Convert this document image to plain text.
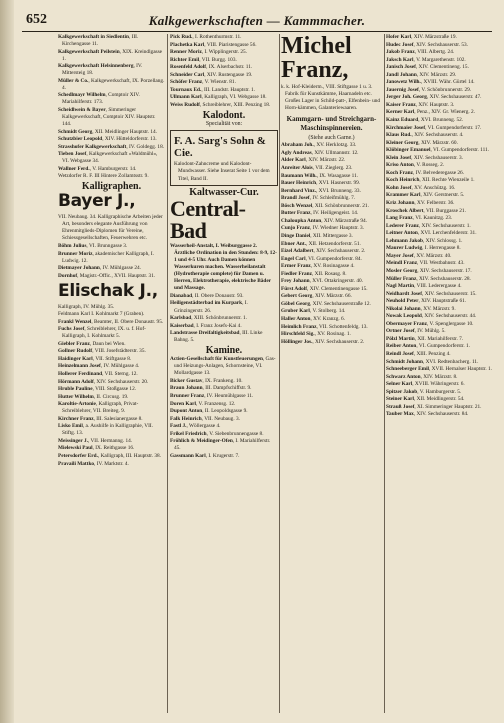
652	Kalkgewerkschaften — Kammmacher.
Kalkgewerkschaft in Siedlentin, III. Kirchengasse 11.
Kalkgewerkschaft Peilstein, XIX. Kreindlgasse 1.
Kalkgewerkschaft Helsinnenberg, IV. Mittersteig 18.
Müller & Co., Kalkgewerkschaft, IX. Porzellang. 4.
Schedlmayr Wilhelm, Comptoir XIV. Mariahilferstr. 173.
Scheidlwein & Bayer, Simmeringer Kalkgewerkschaft, Comptoir XIV. Hauptstr. 144.
Schmidt Georg, XII. Meidlinger Hauptstr. 14.
Schutzbier Leopold, XIV. Hütteldorferstr. 13.
Strasshofer Kalkgewerkschaft, IV. Goldegg. 18.
Tieben Josef, Kalkgewerkschaft »Waldmühl«, VI. Webgasse 34.
Wallner Ferd., V. Hamburgerstr. 14.
Wetzdorfer R. F. III Hintere Zollamtsstr. 9.
Kalligraphen.
Bayer J.,
VII. Neubaug. 34. Kalligraphische Arbeiten jeder Art, besonders elegante Ausführung von Ehrenmitglieds-Diplomen für Vereine, Schiessgesellschaften, Feuerwehren etc.
Böhm Julius, VI. Brunngasse 3.
Brunner Moriz, akademischer Kalligraph, I. Ludwig. 12.
Dietmayer Johann, IV. Mühlgasse 24.
Dornhof, Magistr.-Offic., XVII. Hauptstr. 31.
Elischak J.,
Kalligraph, IV. Mühlg. 35.
Feldmann Karl I. Kohlmarkt 7 (Graben).
Frankl Wenzel, Beamter, II. Obere Donaustr. 95.
Fuchs Josef, Schreiblehrer, IX. u. f. Hof-Kalligraph, I. Kohlmarkt 5.
Giebler Franz, Daun bei Wien.
Gollner Rudolf, VIII. Josefstädterstr. 35.
Haidinger Karl, VII. Stiftgasse 8.
Heinzelmann Josef, IV. Mühlgasse 4.
Hollerer Ferdinand, VII. Sterng. 12.
Hörmann Adolf, XIV. Sechshauserstr. 20.
Hruble Pauline, VIII. Stoßgasse 12.
Hutter Wilhelm, II. Circusg. 19.
Karoltie-Artonie, Kalligraph, Privat-Schreiblehrer, VII. Breiteg. 9.
Kirchner Franz, III. Salesianergasse 8.
Lisko Emil, a. Aushilfe in Kalligraphie, VII. Stiftg. 13.
Meissinger J., VII. Hermanng. 14.
Mielewski Paul, IX. Reithgasse 16.
Petersdorfer Erd., Kalligraph, III. Hauptstr. 38.
Pravaili Mattko, IV. Marktstr. 4.
Pick Rud., I. Rothenthurmstr. 11.
Plachetka Karl, VIII. Piaristengasse 56.
Renner Moriz, I. Wipplingerstr. 25.
Richter Emil, VII. Burgg. 103.
Rosenfeld Adolf, IX. Alserbachstr. 11.
Schneider Carl, XIV. Rustengasse 19.
Schöfer Franz, V. Wienstr. 81.
Tournaux Ed., III. Landstr. Hauptstr. 1.
Ullmann Karl, Kalligraph, VI. Webgasse 18.
Weiss Rudolf, Schreiblehrer, XIII. Penzing 18.
Kalodont.
Specialität von:
F. A. Sarg's Sohn & Cie.
Kalodont-Zahncreme und Kalodont-Mundwasser. Siehe Inserat Seite 1 vor dem Titel, Band II.
Kaltwasser-Cur.
Central-Bad
Wasserheil-Anstalt, I. Weiburggasse 2. Ärztliche Ordination in den Stunden: 8-9, 12-1 und 4-5 Uhr. Auch Damen können Wasserkuren machen. Wasserheilanstalt (Hydrotherapie complete) für Damen u. Herren, Elektrotherapie, elektrische Bäder und Massage.
Dianabad, II. Obere Donaustr. 93.
Heiligenstädterbad im Kurpark, I. Grinzingerstr. 26.
Karlsbad, XIII. Schönbrunnerstr. 1.
Kaiserbad, I. Franz Josefs-Kai 4.
Landstrasse Dreifaltigkeitsbad, III. Linke Bahng. 5.
Kamine.
Actien-Gesellschaft für Kunstfeuerungen, Gas- und Heizungs-Anlagen, Schornsteine, VI. Mollardgasse 13.
Bicker Gustav, IX. Frankeng. 10.
Braun Johann, III. Dampfschiffstr. 9.
Brunner Franz, IV. Heumühlgasse 11.
Doren Karl, V. Franzensg. 12.
Dupont Anton, II. Leopoldsgasse 9.
Falk Heinrich, VII. Neubaug. 3.
Fastl J., Wöllergasse 4.
Frikel Friedrich, V. Siebenbrunnengasse 8.
Fröhlich & Meidinger-Ofen, I. Mariahilferstr. 45.
Gassmann Karl, I. Krugerstr. 7.
Michel Franz,
k. k. Hof-Kleiderm., VIII. Stiftgasse 1 u. 3. Fabrik für Kunstkämme, Haarnadeln etc. Großes Lager in Schild-patt-, Elfenbein- und Horn-kämmen, Galanteriewaaren.
Kammgarn- und Streichgarn-Maschinspinnereien.
(Siehe auch Garne.)
Abraham Joh., XV. Herklotzg. 33.
Agly Andreas, XIV. Ullmannstr. 12.
Alder Karl, XIV. Märzstr. 22.
Anreiter Alois, VII. Zieglerg. 23.
Baumann Wilh., IX. Wasagasse 11.
Bauer Heinrich, XVI. Hasnerstr. 99.
Bernhard Vinz., XVI. Brunneng. 33.
Brandl Josef, IV. Schleifmühlg. 7.
Bösch Wenzel, XII. Schönbrunnerstr. 21.
Butter Franz, IV. Heiligengeist. 14.
Chaloupka Anton, XIV. Märzstraße 94.
Cunjo Franz, IV. Wiedner Hauptstr. 3.
Dinge Daniel, XII. Mittergasse 3.
Ebner Ant., XII. Hetzendorferstr. 51.
Eizel Adalbert, XIV. Sechshauserstr. 2.
Engel Carl, VI. Gumpendorferstr. 84.
Ermer Franz, XV. Rosinagasse 4.
Fiedler Franz, XII. Rosasg. 8.
Frey Johann, XVI. Ottakringerstr. 40.
Fürst Adolf, XIV. Clementinengasse 15.
Gebert Georg, XIV. Märzstr. 66.
Göbel Georg, XIV. Sechshauserstraße 12.
Gruber Karl, V. Stolberg. 14.
Haller Anton, XV. Kranzg. 6.
Heimlich Franz, VII. Schottenfeldg. 13.
Hirschfeld Sig., XV. Rosinag. 1.
Höllinger Jos., XIV. Sechshauserstr. 2.
Hofer Karl, XIV. Märzstraße 19.
Hudec Josef, XIV. Sechshauserstr. 53.
Jakob Franz, VIII. Albertg. 24.
Jaksch Karl, V. Margarethenstr. 102.
Janisch Josef, XIV. Clementineng. 15.
Jandl Johann, XIV. Märzstr. 29.
Janowetz Wilh., XVIII. Währ. Gürtel 14.
Jauernig Josef, V. Schönbrunnerstr. 29.
Jerger Joh. Georg, XIV. Sechshauserstr. 47.
Kaiser Franz, XIV. Hauptstr. 3.
Kerner Karl, Penz., XIV. Gr. Wienerg. 2.
Kainz Eduard, XVI. Brunneng. 52.
Kirchmaier Josef, VI. Gumpendorferstr. 17.
Klaus Rud., XIV. Sechshauserstr. 4.
Kleiner Georg, XIV. Märzstr. 60.
Klöbinger Emanuel, VI. Gumpendorferstr. 111.
Klein Josef, XIV. Sechshauserstr. 3.
Kriso Anton, V. Rosseg. 2.
Koch Franz, IV. Belvederegasse 26.
Koch Heinrich, XII. Rechte Wienzeile 1.
Kohn Josef, XV. Anschützg. 16.
Krammer Karl, XIV. Gerstnerstr. 5.
Kriz Johann, XV. Felberstr. 36.
Kroschek Albert, VII. Burggasse 21.
Lang Franz, VI. Kaunitzg. 23.
Lederer Franz, XIV. Sechshauserstr. 1.
Leitner Anton, XVI. Lerchenfelderstr. 31.
Lehmann Jakob, XIV. Schlossg. 1.
Maurer Ludwig, I. Herrengasse 8.
Mayer Josef, XV. Märzstr. 40.
Meindl Franz, VII. Westbahnstr. 43.
Mosler Georg, XIV. Sechshauserstr. 17.
Müller Franz, XIV. Sechshauserstr. 28.
Nagl Martin, VIII. Lederergasse 4.
Neidhardt Josef, XIV. Sechshauserstr. 15.
Neuhold Peter, XIV. Hauptstraße 61.
Nikolai Johann, XV. Märzstr. 9.
Nowak Leopold, XIV. Sechshauserstr. 44.
Obermayer Franz, V. Spenglergasse 10.
Ortner Josef, IV. Mühlg. 5.
Pölzl Martin, XII. Mariahilferstr. 7.
Reiber Anton, VI. Gumpendorferstr. 1.
Reindl Josef, XIII. Penzing 4.
Schmidt Johann, XVI. Redtenbacherg. 11.
Schneeberger Emil, XVII. Hernalser Hauptstr. 1.
Schwarz Anton, XIV. Märzstr. 8.
Selner Karl, XVIII. Währingerstr. 6.
Spitzer Jakob, V. Hamburgerstr. 5.
Steiner Karl, XII. Meidlingerstr. 54.
Strauß Josef, XI. Simmeringer Hauptstr. 21.
Tauber Max, XIV. Sechshauserstr. 84.
